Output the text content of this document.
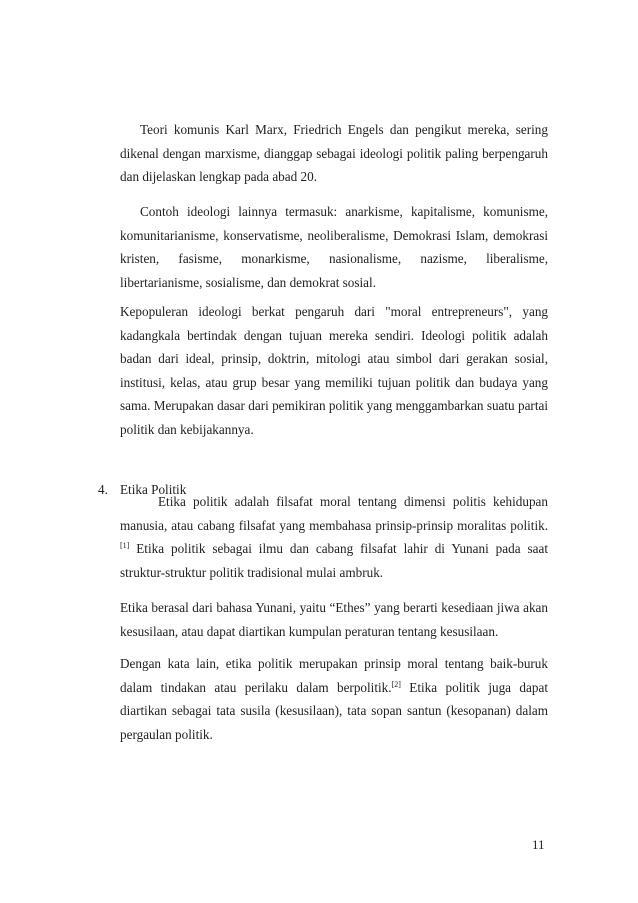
Teori komunis Karl Marx, Friedrich Engels dan pengikut mereka, sering dikenal dengan marxisme, dianggap sebagai ideologi politik paling berpengaruh dan dijelaskan lengkap pada abad 20.

Contoh ideologi lainnya termasuk: anarkisme, kapitalisme, komunisme, komunitarianisme, konservatisme, neoliberalisme, Demokrasi Islam, demokrasi kristen, fasisme, monarkisme, nasionalisme, nazisme, liberalisme, libertarianisme, sosialisme, dan demokrat sosial.

Kepopuleran ideologi berkat pengaruh dari "moral entrepreneurs", yang kadangkala bertindak dengan tujuan mereka sendiri. Ideologi politik adalah badan dari ideal, prinsip, doktrin, mitologi atau simbol dari gerakan sosial, institusi, kelas, atau grup besar yang memiliki tujuan politik dan budaya yang sama. Merupakan dasar dari pemikiran politik yang menggambarkan suatu partai politik dan kebijakannya.

4. Etika Politik

Etika politik adalah filsafat moral tentang dimensi politis kehidupan manusia, atau cabang filsafat yang membahasa prinsip-prinsip moralitas politik.[1] Etika politik sebagai ilmu dan cabang filsafat lahir di Yunani pada saat struktur-struktur politik tradisional mulai ambruk.

Etika berasal dari bahasa Yunani, yaitu “Ethes” yang berarti kesediaan jiwa akan kesusilaan, atau dapat diartikan kumpulan peraturan tentang kesusilaan.

Dengan kata lain, etika politik merupakan prinsip moral tentang baik-buruk dalam tindakan atau perilaku dalam berpolitik.[2] Etika politik juga dapat diartikan sebagai tata susila (kesusilaan), tata sopan santun (kesopanan) dalam pergaulan politik.

11
